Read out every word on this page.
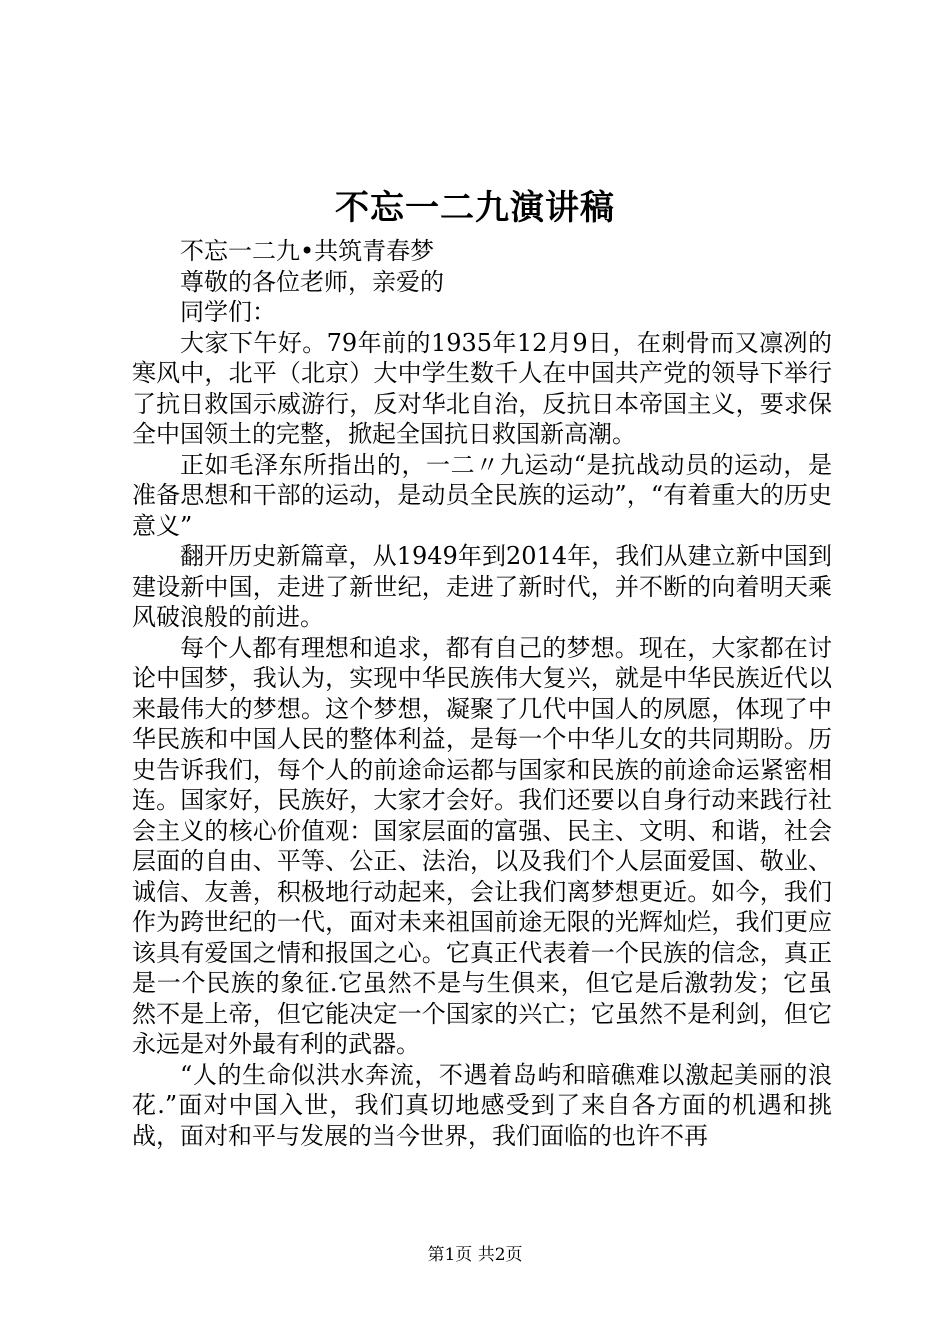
不忘一二九演讲稿

不忘一二九•共筑青春梦

尊敬的各位老师，亲爱的

同学们：

大家下午好。79年前的1935年12月9日，在刺骨而又凛冽的寒风中，北平（北京）大中学生数千人在中国共产党的领导下举行了抗日救国示威游行，反对华北自治，反抗日本帝国主义，要求保全中国领土的完整，掀起全国抗日救国新高潮。

正如毛泽东所指出的，一二〃九运动“是抗战动员的运动，是准备思想和干部的运动，是动员全民族的运动”，“有着重大的历史意义”

翻开历史新篇章，从1949年到2014年，我们从建立新中国到建设新中国，走进了新世纪，走进了新时代，并不断的向着明天乘风破浪般的前进。

每个人都有理想和追求，都有自己的梦想。现在，大家都在讨论中国梦，我认为，实现中华民族伟大复兴，就是中华民族近代以来最伟大的梦想。这个梦想，凝聚了几代中国人的夙愿，体现了中华民族和中国人民的整体利益，是每一个中华儿女的共同期盼。历史告诉我们，每个人的前途命运都与国家和民族的前途命运紧密相连。国家好，民族好，大家才会好。我们还要以自身行动来践行社会主义的核心价值观：国家层面的富强、民主、文明、和谐，社会层面的自由、平等、公正、法治，以及我们个人层面爱国、敬业、诚信、友善，积极地行动起来，会让我们离梦想更近。如今，我们作为跨世纪的一代，面对未来祖国前途无限的光辉灿烂，我们更应该具有爱国之情和报国之心。它真正代表着一个民族的信念，真正是一个民族的象征.它虽然不是与生俱来，但它是后激勃发；它虽然不是上帝，但它能决定一个国家的兴亡；它虽然不是利剑，但它永远是对外最有利的武器。

“人的生命似洪水奔流，不遇着岛屿和暗礁难以激起美丽的浪花.”面对中国入世，我们真切地感受到了来自各方面的机遇和挑战，面对和平与发展的当今世界，我们面临的也许不再

第1页 共2页
